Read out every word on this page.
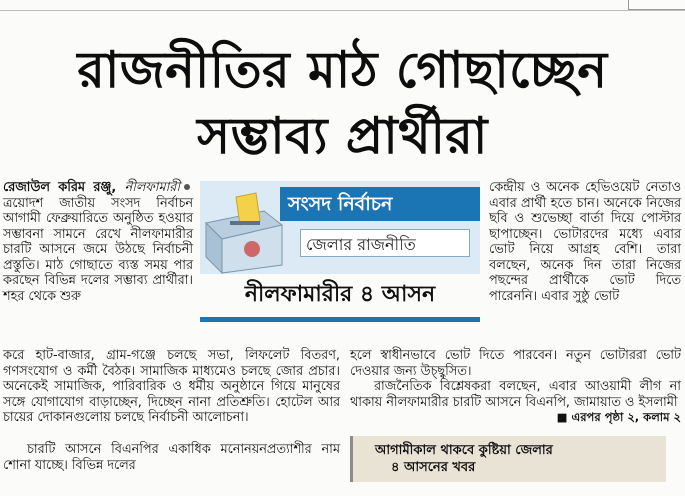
রাজনীতির মাঠ গোছাচ্ছেন
সম্ভাব্য প্রার্থীরা
রেজাউল করিম রঞ্জু, নীলফামারী ত্রয়োদশ জাতীয় সংসদ নির্বাচন আগামী ফেব্রুয়ারিতে অনুষ্ঠিত হওয়ার সম্ভাবনা সামনে রেখে নীলফামারীর চারটি আসনে জমে উঠছে নির্বাচনী প্রস্তুতি। মাঠ গোছাতে ব্যস্ত সময় পার করছেন বিভিন্ন দলের সম্ভাব্য প্রার্থীরা। শহর থেকে শুরু
সংসদ নির্বাচন
জেলার রাজনীতি
নীলফামারীর ৪ আসন
কেন্দ্রীয় ও অনেক হেভিওয়েট নেতাও এবার প্রার্থী হতে চান। অনেকে নিজের ছবি ও শুভেচ্ছা বার্তা দিয়ে পোস্টার ছাপাচ্ছেন। ভোটারদের মধ্যে এবার ভোট নিয়ে আগ্রহ বেশি। তারা বলছেন, অনেক দিন তারা নিজের পছন্দের প্রার্থীকে ভোট দিতে পারেননি। এবার সুষ্ঠু ভোট

করে হাট-বাজার, গ্রাম-গঞ্জে চলছে সভা, লিফলেট বিতরণ, গণসংযোগ ও কর্মী বৈঠক। সামাজিক মাধ্যমেও চলছে জোর প্রচার। অনেকেই সামাজিক, পারিবারিক ও ধর্মীয় অনুষ্ঠানে গিয়ে মানুষের সঙ্গে যোগাযোগ বাড়াচ্ছেন, দিচ্ছেন নানা প্রতিশ্রুতি। হোটেল আর চায়ের দোকানগুলোয় চলছে নির্বাচনী আলোচনা।

চারটি আসনে বিএনপির একাধিক মনোনয়নপ্রত্যাশীর নাম শোনা যাচ্ছে। বিভিন্ন দলের

হলে স্বাধীনভাবে ভোট দিতে পারবেন। নতুন ভোটাররা ভোট দেওয়ার জন্য উচ্ছ্বসিত।

রাজনৈতিক বিশ্লেষকরা বলছেন, এবার আওয়ামী লীগ না থাকায় নীলফামারীর চারটি আসনে বিএনপি, জামায়াত ও ইসলামী

■ এরপর পৃষ্ঠা ২, কলাম ২

আগামীকাল থাকবে কুষ্টিয়া জেলার

৪ আসনের খবর
